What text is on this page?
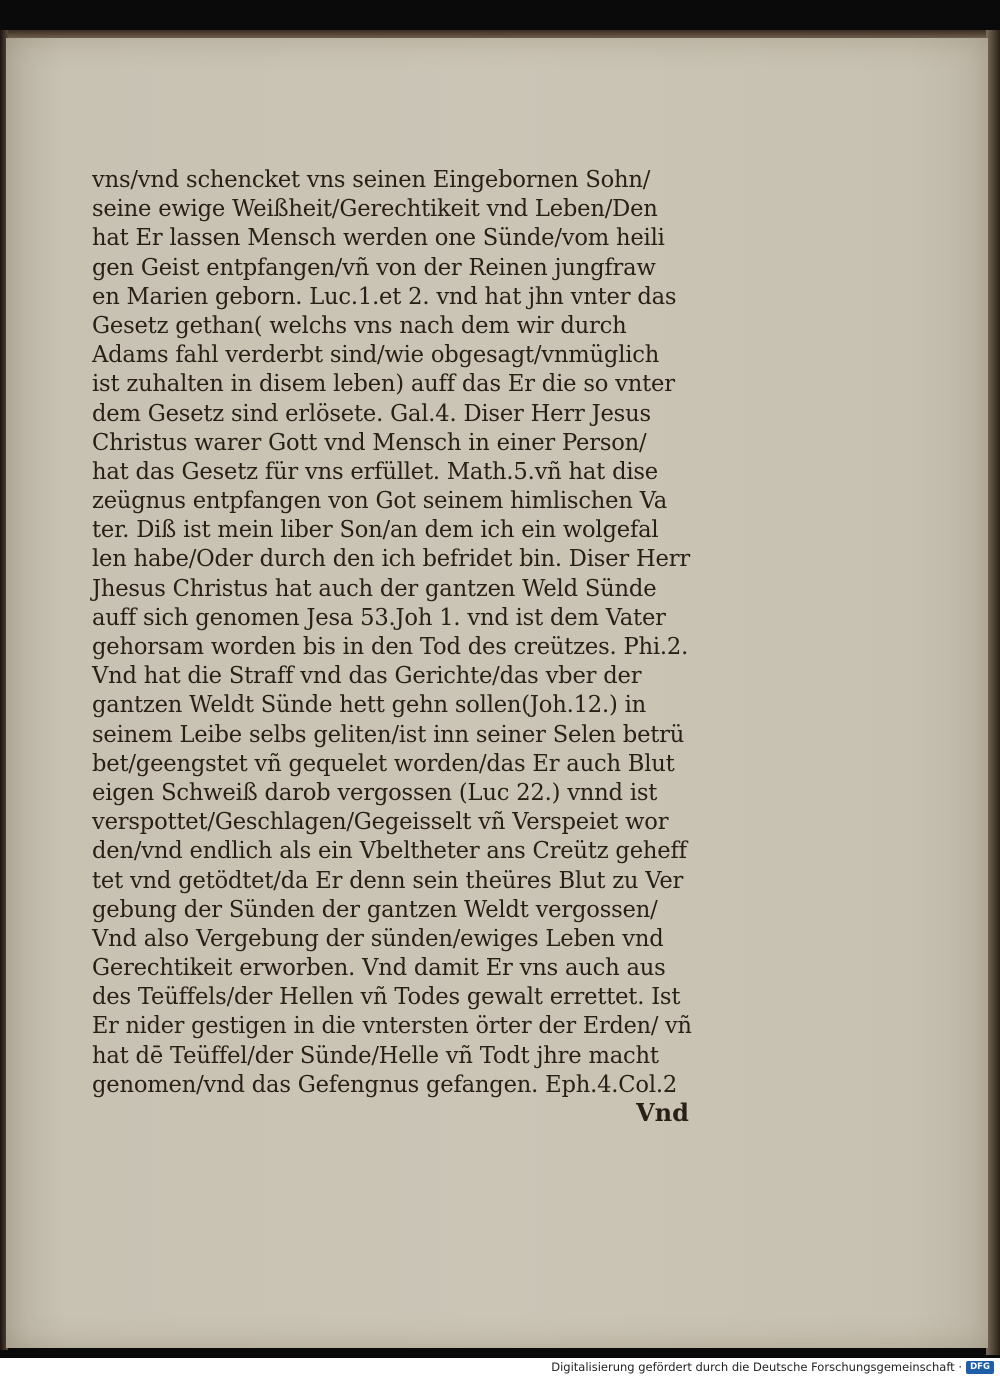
vns/vnd schencket vns seinen Eingebornen Sohn/
seine ewige Weißheit/Gerechtikeit vnd Leben/Den
hat Er lassen Mensch werden one Sünde/vom heili
gen Geist entpfangen/vñ von der Reinen jungfraw
en Marien geborn. Luc.1.et 2. vnd hat jhn vnter das
Gesetz gethan( welchs vns nach dem wir durch
Adams fahl verderbt sind/wie obgesagt/vnmüglich
ist zuhalten in disem leben) auff das Er die so vnter
dem Gesetz sind erlösete. Gal.4. Diser Herr Jesus
Christus warer Gott vnd Mensch in einer Person/
hat das Gesetz für vns erfüllet. Math.5.vñ hat dise
zeügnus entpfangen von Got seinem himlischen Va
ter. Diß ist mein liber Son/an dem ich ein wolgefal
len habe/Oder durch den ich befridet bin. Diser Herr
Jhesus Christus hat auch der gantzen Weld Sünde
auff sich genomen Jesa 53.Joh 1. vnd ist dem Vater
gehorsam worden bis in den Tod des creützes. Phi.2.
Vnd hat die Straff vnd das Gerichte/das vber der
gantzen Weldt Sünde hett gehn sollen(Joh.12.) in
seinem Leibe selbs geliten/ist inn seiner Selen betrü
bet/geengstet vñ gequelet worden/das Er auch Blut
eigen Schweiß darob vergossen (Luc 22.) vnnd ist
verspottet/Geschlagen/Gegeisselt vñ Verspeiet wor
den/vnd endlich als ein Vbeltheter ans Creütz geheff
tet vnd getödtet/da Er denn sein theüres Blut zu Ver
gebung der Sünden der gantzen Weldt vergossen/
Vnd also Vergebung der sünden/ewiges Leben vnd
Gerechtikeit erworben. Vnd damit Er vns auch aus
des Teüffels/der Hellen vñ Todes gewalt errettet. Ist
Er nider gestigen in die vntersten örter der Erden/ vñ
hat dē Teüffel/der Sünde/Helle vñ Todt jhre macht
genomen/vnd das Gefengnus gefangen. Eph.4.Col.2
Vnd
Digitalisierung gefördert durch die Deutsche Forschungsgemeinschaft · DFG
